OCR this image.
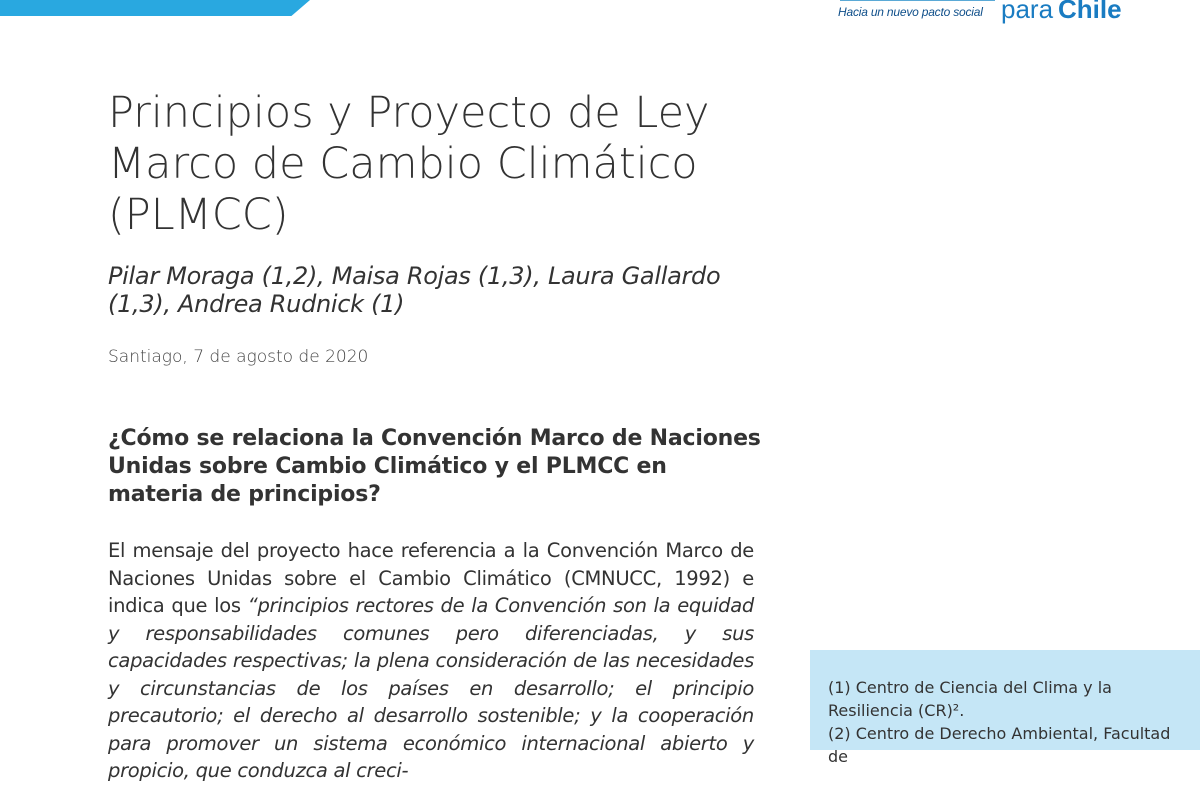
Hacia un nuevo pacto social para Chile
Principios y Proyecto de Ley Marco de Cambio Climático (PLMCC)

Pilar Moraga (1,2), Maisa Rojas (1,3), Laura Gallardo (1,3), Andrea Rudnick (1)

Santiago, 7 de agosto de 2020

¿Cómo se relaciona la Convención Marco de Naciones Unidas sobre Cambio Climático y el PLMCC en materia de principios?

El mensaje del proyecto hace referencia a la Convención Marco de Naciones Unidas sobre el Cambio Climático (CMNUCC, 1992) e indica que los “principios rectores de la Convención son la equidad y responsabilidades comunes pero diferenciadas, y sus capacidades respectivas; la plena consideración de las necesidades y circunstancias de los países en desarrollo; el principio precautorio; el derecho al desarrollo sostenible; y la cooperación para promover un sistema económico internacional abierto y propicio, que conduzca al creci-

(1) Centro de Ciencia del Clima y la Resiliencia (CR)².
(2) Centro de Derecho Ambiental, Facultad de
